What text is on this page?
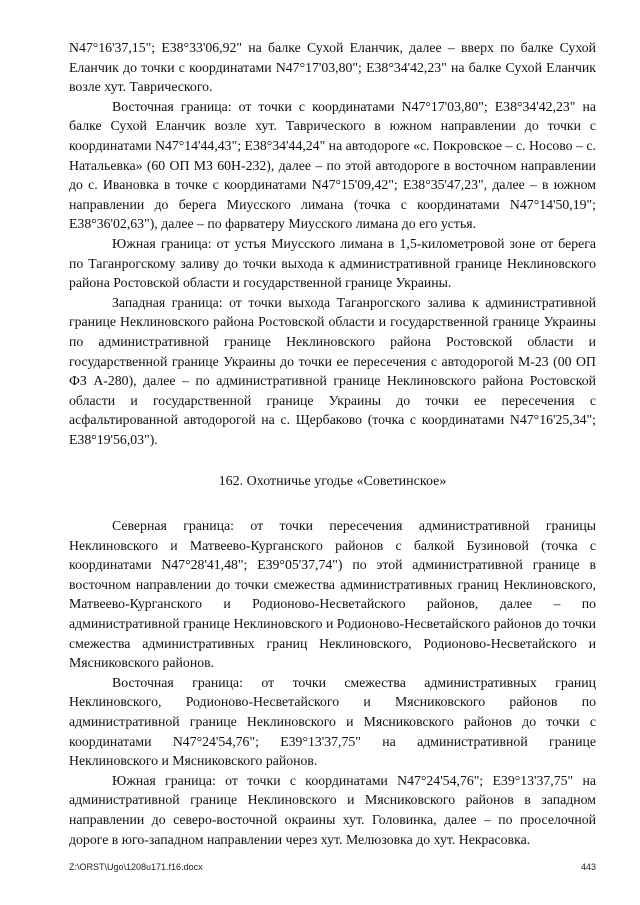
N47°16'37,15"; E38°33'06,92" на балке Сухой Еланчик, далее – вверх по балке Сухой Еланчик до точки с координатами N47°17'03,80"; E38°34'42,23" на балке Сухой Еланчик возле хут. Таврического.

Восточная граница: от точки с координатами N47°17'03,80"; E38°34'42,23" на балке Сухой Еланчик возле хут. Таврического в южном направлении до точки с координатами N47°14'44,43"; E38°34'44,24" на автодороге «с. Покровское – с. Носово – с. Натальевка» (60 ОП МЗ 60Н-232), далее – по этой автодороге в восточном направлении до с. Ивановка в точке с координатами N47°15'09,42"; E38°35'47,23", далее – в южном направлении до берега Миусского лимана (точка с координатами N47°14'50,19"; E38°36'02,63"), далее – по фарватеру Миусского лимана до его устья.

Южная граница: от устья Миусского лимана в 1,5-километровой зоне от берега по Таганрогскому заливу до точки выхода к административной границе Неклиновского района Ростовской области и государственной границе Украины.

Западная граница: от точки выхода Таганрогского залива к административной границе Неклиновского района Ростовской области и государственной границе Украины по административной границе Неклиновского района Ростовской области и государственной границе Украины до точки ее пересечения с автодорогой М-23 (00 ОП ФЗ А-280), далее – по административной границе Неклиновского района Ростовской области и государственной границе Украины до точки ее пересечения с асфальтированной автодорогой на с. Щербаково (точка с координатами N47°16'25,34"; E38°19'56,03").

162. Охотничье угодье «Советинское»

Северная граница: от точки пересечения административной границы Неклиновского и Матвеево-Курганского районов с балкой Бузиновой (точка с координатами N47°28'41,48"; E39°05'37,74") по этой административной границе в восточном направлении до точки смежества административных границ Неклиновского, Матвеево-Курганского и Родионово-Несветайского районов, далее – по административной границе Неклиновского и Родионово-Несветайского районов до точки смежества административных границ Неклиновского, Родионово-Несветайского и Мясниковского районов.

Восточная граница: от точки смежества административных границ Неклиновского, Родионово-Несветайского и Мясниковского районов по административной границе Неклиновского и Мясниковского районов до точки с координатами N47°24'54,76"; E39°13'37,75" на административной границе Неклиновского и Мясниковского районов.

Южная граница: от точки с координатами N47°24'54,76"; E39°13'37,75" на административной границе Неклиновского и Мясниковского районов в западном направлении до северо-восточной окраины хут. Головинка, далее – по проселочной дороге в юго-западном направлении через хут. Мелюзовка до хут. Некрасовка.

Z:\ORST\Ugo\1208u171.f16.docx	443
